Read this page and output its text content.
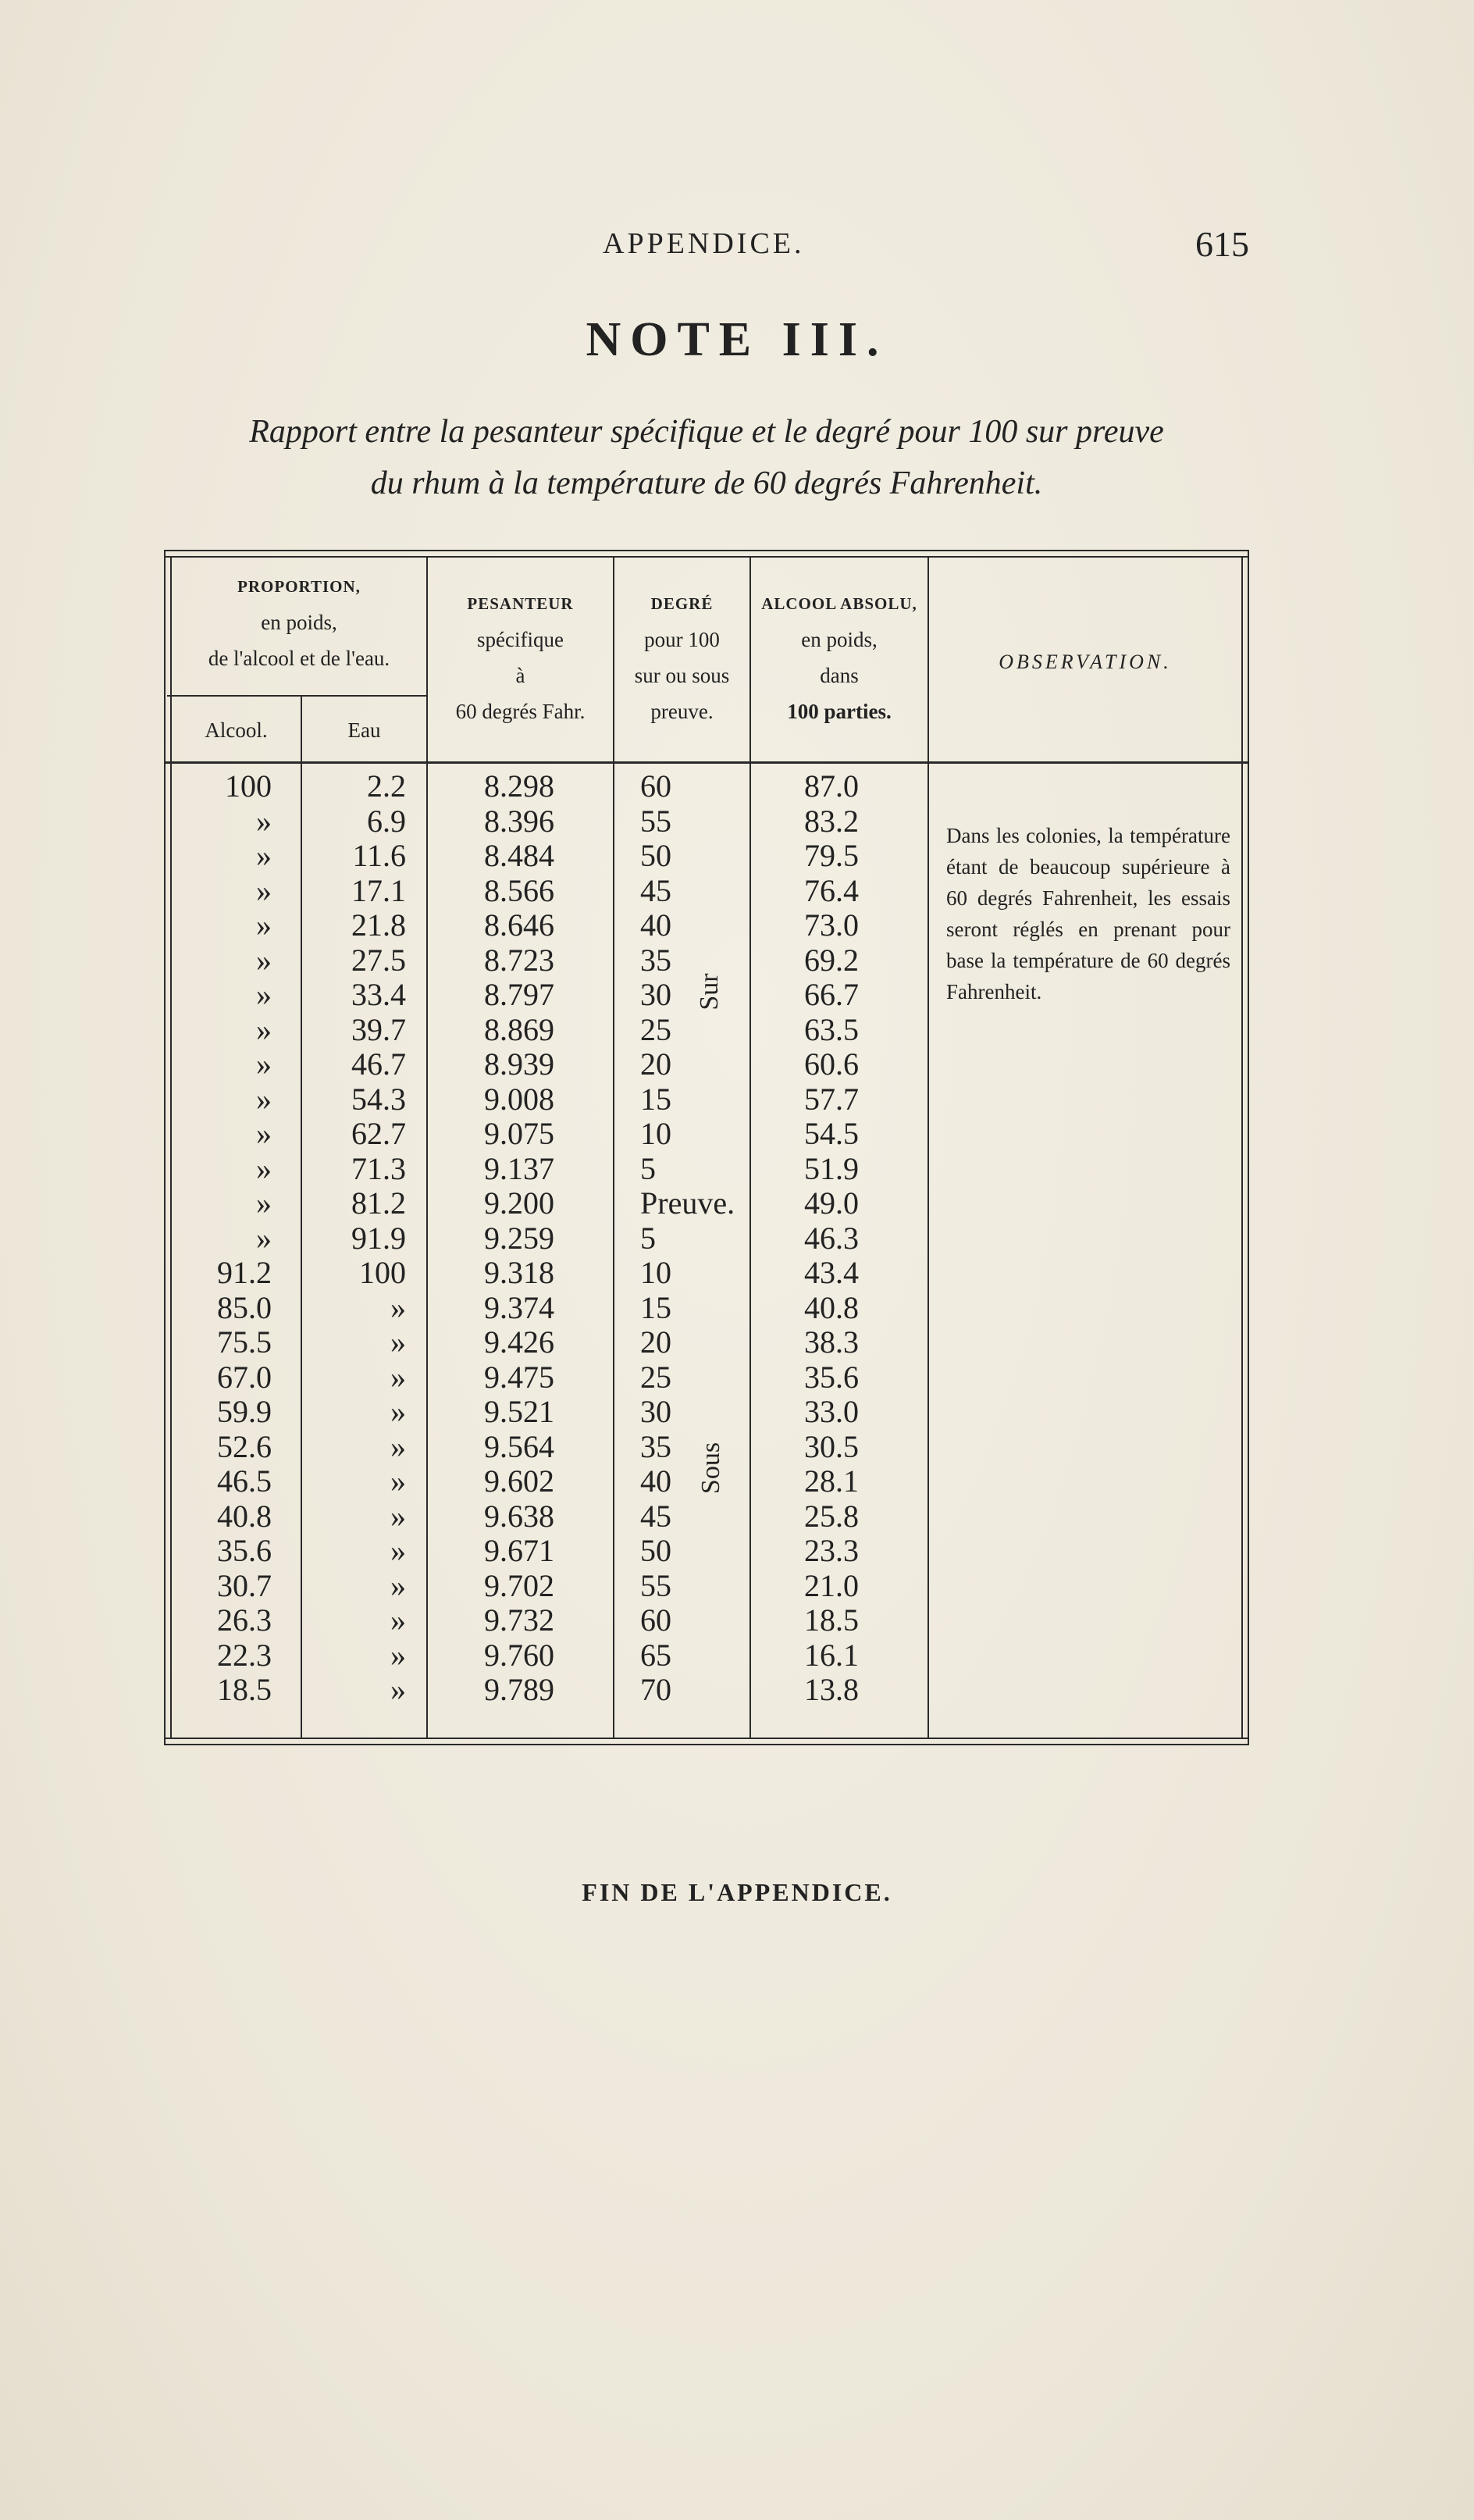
APPENDICE.	615
NOTE III.
Rapport entre la pesanteur spécifique et le degré pour 100 sur preuve
du rhum à la température de 60 degrés Fahrenheit.
PROPORTION,
en poids,
de l'alcool et de l'eau.
Alcool.	Eau
PESANTEUR
spécifique
à
60 degrés Fahr.
DEGRÉ
pour 100
sur ou sous
preuve.
ALCOOL ABSOLU,
en poids,
dans
100 parties.
OBSERVATION.
100
»
»
»
»
»
»
»
»
»
»
»
»
»
91.2
85.0
75.5
67.0
59.9
52.6
46.5
40.8
35.6
30.7
26.3
22.3
18.5
2.2
6.9
11.6
17.1
21.8
27.5
33.4
39.7
46.7
54.3
62.7
71.3
81.2
91.9
100
»
»
»
»
»
»
»
»
»
»
»
»
8.298
8.396
8.484
8.566
8.646
8.723
8.797
8.869
8.939
9.008
9.075
9.137
9.200
9.259
9.318
9.374
9.426
9.475
9.521
9.564
9.602
9.638
9.671
9.702
9.732
9.760
9.789
60
55
50
45
40
35
30
25
20
15
10
5
Preuve.
5
10
15
20
25
30
35
40
45
50
55
60
65
70
87.0
83.2
79.5
76.4
73.0
69.2
66.7
63.5
60.6
57.7
54.5
51.9
49.0
46.3
43.4
40.8
38.3
35.6
33.0
30.5
28.1
25.8
23.3
21.0
18.5
16.1
13.8
Sur
Sous
Dans les colonies, la température étant de beaucoup supérieure à 60 degrés Fahrenheit, les essais seront réglés en prenant pour base la température de 60 degrés Fahrenheit.
FIN DE L'APPENDICE.
